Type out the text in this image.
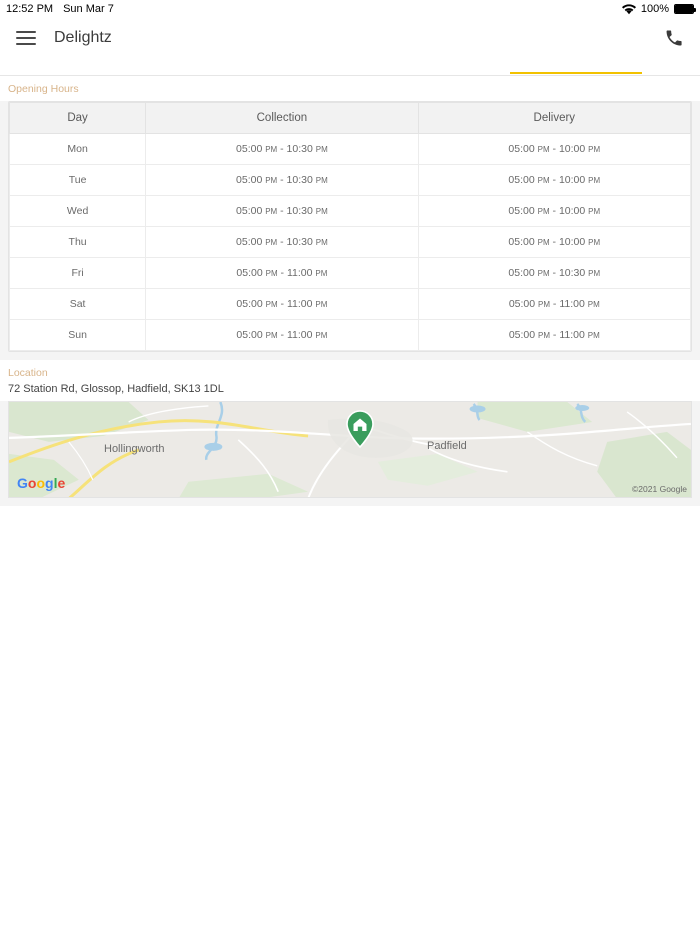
12:52 PM Sun Mar 7	100%
Delightz
Opening Hours
Day	Collection	Delivery
Mon	05:00 PM - 10:30 PM	05:00 PM - 10:00 PM
Tue	05:00 PM - 10:30 PM	05:00 PM - 10:00 PM
Wed	05:00 PM - 10:30 PM	05:00 PM - 10:00 PM
Thu	05:00 PM - 10:30 PM	05:00 PM - 10:00 PM
Fri	05:00 PM - 11:00 PM	05:00 PM - 10:30 PM
Sat	05:00 PM - 11:00 PM	05:00 PM - 11:00 PM
Sun	05:00 PM - 11:00 PM	05:00 PM - 11:00 PM
Location
72 Station Rd, Glossop, Hadfield, SK13 1DL
Hollingworth	Padfield
Google	©2021 Google
